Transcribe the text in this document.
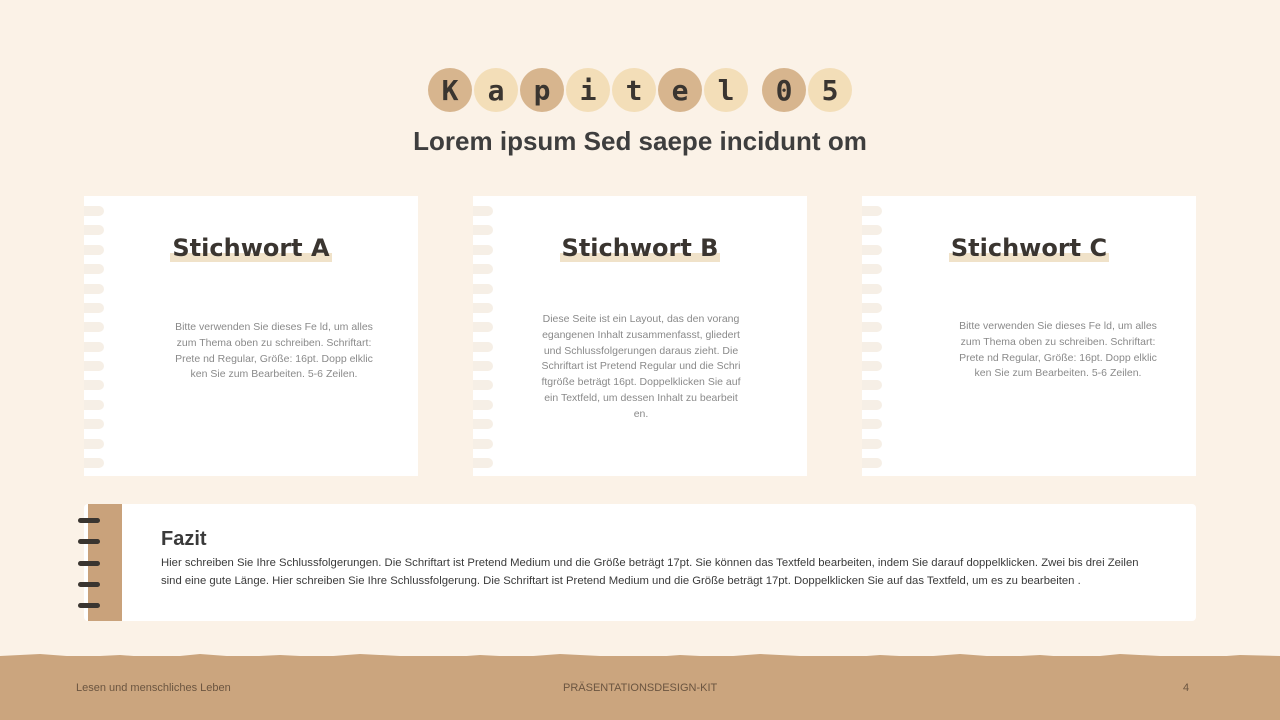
K	a	p	i	t	e	l	0	5
Lorem ipsum Sed saepe incidunt om
Stichwort A
Bitte verwenden Sie dieses Fe ld, um alles zum Thema oben zu schreiben. Schriftart: Prete nd Regular, Größe: 16pt. Dopp elklicken Sie zum Bearbeiten. 5-6 Zeilen.
Stichwort B
Diese Seite ist ein Layout, das den vorang egangenen Inhalt zusammenfasst, gliedert und Schlussfolgerungen daraus zieht. Die Schriftart ist Pretend Regular und die Schri ftgröße beträgt 16pt. Doppelklicken Sie auf ein Textfeld, um dessen Inhalt zu bearbeit en.
Stichwort C
Bitte verwenden Sie dieses Fe ld, um alles zum Thema oben zu schreiben. Schriftart: Prete nd Regular, Größe: 16pt. Dopp elklicken Sie zum Bearbeiten. 5-6 Zeilen.
Fazit
Hier schreiben Sie Ihre Schlussfolgerungen. Die Schriftart ist Pretend Medium und die Größe beträgt 17pt. Sie können das Textfeld bearbeiten, indem Sie darauf doppelklicken. Zwei bis drei Zeilen sind eine gute Länge. Hier schreiben Sie Ihre Schlussfolgerung. Die Schriftart ist Pretend Medium und die Größe beträgt 17pt. Doppelklicken Sie auf das Textfeld, um es zu bearbeiten .
Lesen und menschliches Leben	PRÄSENTATIONSDESIGN-KIT	4
